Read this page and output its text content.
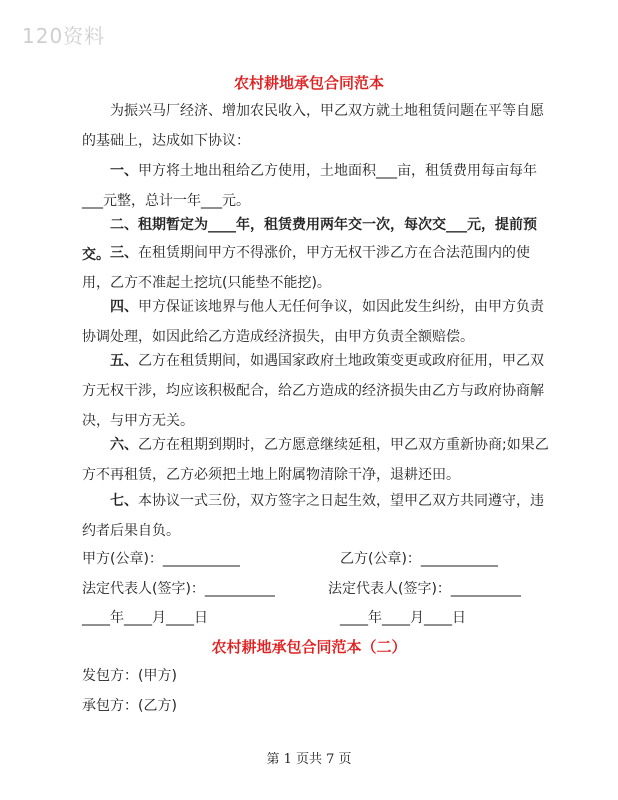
120资料
农村耕地承包合同范本
为振兴马厂经济、增加农民收入，甲乙双方就土地租赁问题在平等自愿的基础上，达成如下协议：
一、甲方将土地出租给乙方使用，土地面积___亩，租赁费用每亩每年___元整，总计一年___元。
二、租期暂定为____年，租赁费用两年交一次，每次交___元，提前预交。 三、在租赁期间甲方不得涨价，甲方无权干涉乙方在合法范围内的使用，乙方不准起土挖坑(只能垫不能挖)。
四、甲方保证该地界与他人无任何争议，如因此发生纠纷，由甲方负责协调处理，如因此给乙方造成经济损失，由甲方负责全额赔偿。
五、乙方在租赁期间，如遇国家政府土地政策变更或政府征用，甲乙双方无权干涉，均应该积极配合，给乙方造成的经济损失由乙方与政府协商解决，与甲方无关。
六、乙方在租期到期时，乙方愿意继续延租，甲乙双方重新协商;如果乙方不再租赁，乙方必须把土地上附属物清除干净，退耕还田。
七、本协议一式三份，双方签字之日起生效，望甲乙双方共同遵守，违约者后果自负。
甲方(公章)：___________	乙方(公章)：___________
法定代表人(签字)：__________	法定代表人(签字)：__________
____年____月____日	____年____月____日
农村耕地承包合同范本（二）
发包方：(甲方)
承包方：(乙方)
第 1 页共 7 页
